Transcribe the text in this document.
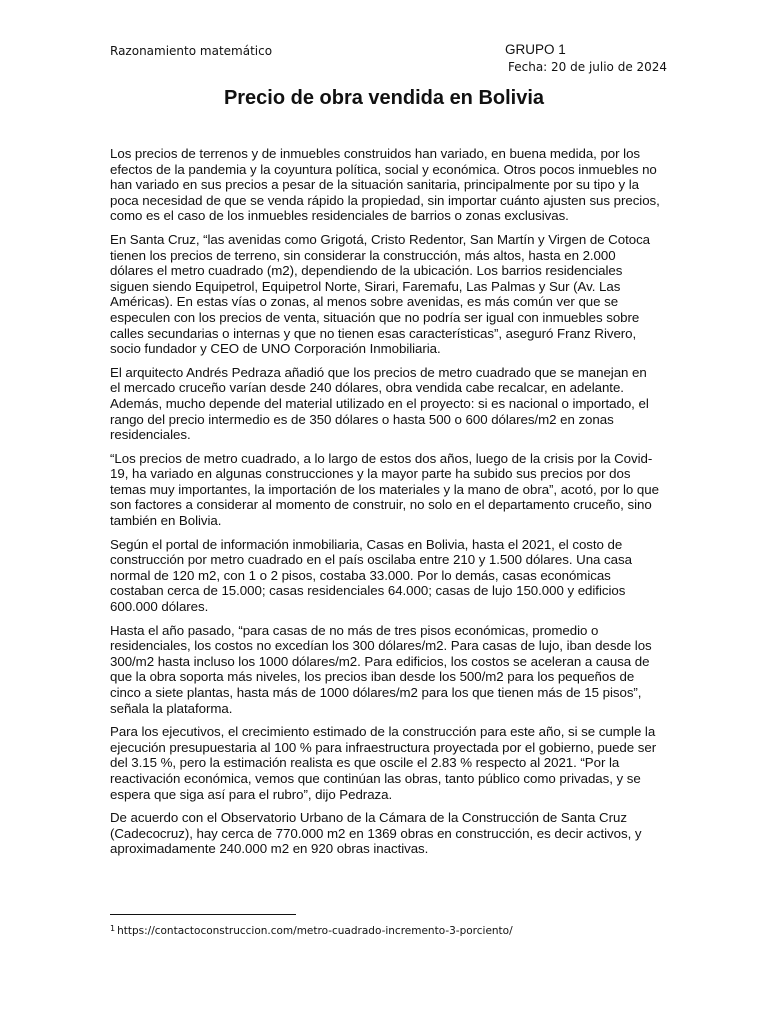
Razonamiento matemático	GRUPO 1
Fecha: 20 de julio de 2024
Precio de obra vendida en Bolivia

Los precios de terrenos y de inmuebles construidos han variado, en buena medida, por los efectos de la pandemia y la coyuntura política, social y económica. Otros pocos inmuebles no han variado en sus precios a pesar de la situación sanitaria, principalmente por su tipo y la poca necesidad de que se venda rápido la propiedad, sin importar cuánto ajusten sus precios, como es el caso de los inmuebles residenciales de barrios o zonas exclusivas.

En Santa Cruz, “las avenidas como Grigotá, Cristo Redentor, San Martín y Virgen de Cotoca tienen los precios de terreno, sin considerar la construcción, más altos, hasta en 2.000 dólares el metro cuadrado (m2), dependiendo de la ubicación. Los barrios residenciales siguen siendo Equipetrol, Equipetrol Norte, Sirari, Faremafu, Las Palmas y Sur (Av. Las Américas). En estas vías o zonas, al menos sobre avenidas, es más común ver que se especulen con los precios de venta, situación que no podría ser igual con inmuebles sobre calles secundarias o internas y que no tienen esas características”, aseguró Franz Rivero, socio fundador y CEO de UNO Corporación Inmobiliaria.

El arquitecto Andrés Pedraza añadió que los precios de metro cuadrado que se manejan en el mercado cruceño varían desde 240 dólares, obra vendida cabe recalcar, en adelante. Además, mucho depende del material utilizado en el proyecto: si es nacional o importado, el rango del precio intermedio es de 350 dólares o hasta 500 o 600 dólares/m2 en zonas residenciales.

“Los precios de metro cuadrado, a lo largo de estos dos años, luego de la crisis por la Covid-19, ha variado en algunas construcciones y la mayor parte ha subido sus precios por dos temas muy importantes, la importación de los materiales y la mano de obra”, acotó, por lo que son factores a considerar al momento de construir, no solo en el departamento cruceño, sino también en Bolivia.

Según el portal de información inmobiliaria, Casas en Bolivia, hasta el 2021, el costo de construcción por metro cuadrado en el país oscilaba entre 210 y 1.500 dólares. Una casa normal de 120 m2, con 1 o 2 pisos, costaba 33.000. Por lo demás, casas económicas costaban cerca de 15.000; casas residenciales 64.000; casas de lujo 150.000 y edificios 600.000 dólares.

Hasta el año pasado, “para casas de no más de tres pisos económicas, promedio o residenciales, los costos no excedían los 300 dólares/m2. Para casas de lujo, iban desde los 300/m2 hasta incluso los 1000 dólares/m2. Para edificios, los costos se aceleran a causa de que la obra soporta más niveles, los precios iban desde los 500/m2 para los pequeños de cinco a siete plantas, hasta más de 1000 dólares/m2 para los que tienen más de 15 pisos”, señala la plataforma.

Para los ejecutivos, el crecimiento estimado de la construcción para este año, si se cumple la ejecución presupuestaria al 100 % para infraestructura proyectada por el gobierno, puede ser del 3.15 %, pero la estimación realista es que oscile el 2.83 % respecto al 2021. “Por la reactivación económica, vemos que continúan las obras, tanto público como privadas, y se espera que siga así para el rubro”, dijo Pedraza.

De acuerdo con el Observatorio Urbano de la Cámara de la Construcción de Santa Cruz (Cadecocruz), hay cerca de 770.000 m2 en 1369 obras en construcción, es decir activos, y aproximadamente 240.000 m2 en 920 obras inactivas.

$^1$ https://contactoconstruccion.com/metro-cuadrado-incremento-3-porciento/
